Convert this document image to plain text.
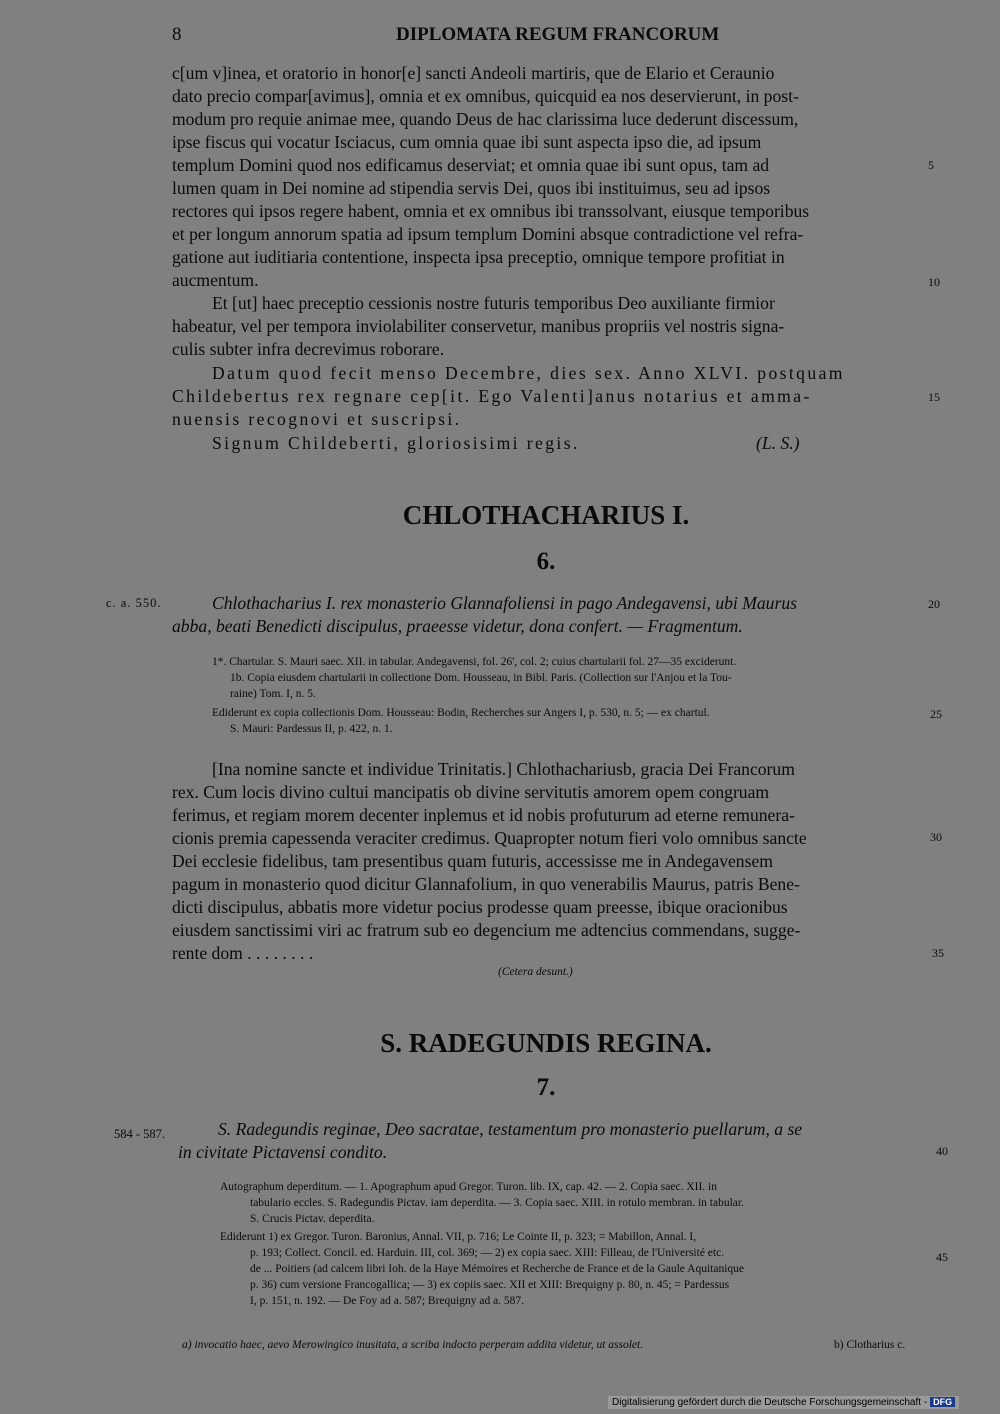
8	DIPLOMATA REGUM FRANCORUM
c[um v]inea, et oratorio in honor[e] sancti Andeoli martiris, que de Elario et Ceraunio
dato precio compar[avimus], omnia et ex omnibus, quicquid ea nos deservierunt, in post-
modum pro requie animae mee, quando Deus de hac clarissima luce dederunt discessum,
ipse fiscus qui vocatur Isciacus, cum omnia quae ibi sunt aspecta ipso die, ad ipsum
templum Domini quod nos edificamus deserviat; et omnia quae ibi sunt opus, tam ad
lumen quam in Dei nomine ad stipendia servis Dei, quos ibi instituimus, seu ad ipsos
rectores qui ipsos regere habent, omnia et ex omnibus ibi transsolvant, eiusque temporibus
et per longum annorum spatia ad ipsum templum Domini absque contradictione vel refra-
gatione aut iuditiaria contentione, inspecta ipsa preceptio, omnique tempore profitiat in
aucmentum.
Et [ut] haec preceptio cessionis nostre futuris temporibus Deo auxiliante firmior
habeatur, vel per tempora inviolabiliter conservetur, manibus propriis vel nostris signa-
culis subter infra decrevimus roborare.
Datum quod fecit menso Decembre, dies sex. Anno XLVI. postquam
Childebertus rex regnare cep[it. Ego Valenti]anus notarius et amma-
nuensis recognovi et suscripsi.
Signum Childeberti, gloriosisimi regis.	(L. S.)
5
10
15
CHLOTHACHARIUS I.
6.
c. a. 550.	Chlothacharius I. rex monasterio Glannafoliensi in pago Andegavensi, ubi Maurus
abba, beati Benedicti discipulus, praeesse videtur, dona confert. — Fragmentum.
20
1*. Chartular. S. Mauri saec. XII. in tabular. Andegavensi, fol. 26', col. 2; cuius chartularii fol. 27—35 exciderunt.
1b. Copia eiusdem chartularii in collectione Dom. Housseau, in Bibl. Paris. (Collection sur l'Anjou et la Tou-
raine) Tom. I, n. 5.
Ediderunt ex copia collectionis Dom. Housseau: Bodin, Recherches sur Angers I, p. 530, n. 5; — ex chartul.
S. Mauri: Pardessus II, p. 422, n. 1.
25
[Ina nomine sancte et individue Trinitatis.] Chlothachariusb, gracia Dei Francorum
rex. Cum locis divino cultui mancipatis ob divine servitutis amorem opem congruam
ferimus, et regiam morem decenter inplemus et id nobis profuturum ad eterne remunera-
cionis premia capessenda veraciter credimus. Quapropter notum fieri volo omnibus sancte
Dei ecclesie fidelibus, tam presentibus quam futuris, accessisse me in Andegavensem
pagum in monasterio quod dicitur Glannafolium, in quo venerabilis Maurus, patris Bene-
dicti discipulus, abbatis more videtur pocius prodesse quam preesse, ibique oracionibus
eiusdem sanctissimi viri ac fratrum sub eo degencium me adtencius commendans, sugge-
rente dom . . . . . . . .
30
35
(Cetera desunt.)
S. RADEGUNDIS REGINA.
7.
584 - 587.	S. Radegundis reginae, Deo sacratae, testamentum pro monasterio puellarum, a se
in civitate Pictavensi condito.	40
Autographum deperditum. — 1. Apographum apud Gregor. Turon. lib. IX, cap. 42. — 2. Copia saec. XII. in
tabulario eccles. S. Radegundis Pictav. iam deperdita. — 3. Copia saec. XIII. in rotulo membran. in tabular.
S. Crucis Pictav. deperdita.
Ediderunt 1) ex Gregor. Turon. Baronius, Annal. VII, p. 716; Le Cointe II, p. 323; = Mabillon, Annal. I,
p. 193; Collect. Concil. ed. Harduin. III, col. 369; — 2) ex copia saec. XIII: Filleau, de l'Université etc.
de ... Poitiers (ad calcem libri Ioh. de la Haye Mémoires et Recherche de France et de la Gaule Aquitanique
p. 36) cum versione Francogallica; — 3) ex copiis saec. XII et XIII: Brequigny p. 80, n. 45; = Pardessus
I, p. 151, n. 192. — De Foy ad a. 587; Brequigny ad a. 587.
45
a) invocatio haec, aevo Merowingico inusitata, a scriba indocto perperam addita videtur, ut assolet.	b) Clotharius c.
Digitalisierung gefördert durch die Deutsche Forschungsgemeinschaft - DFG
